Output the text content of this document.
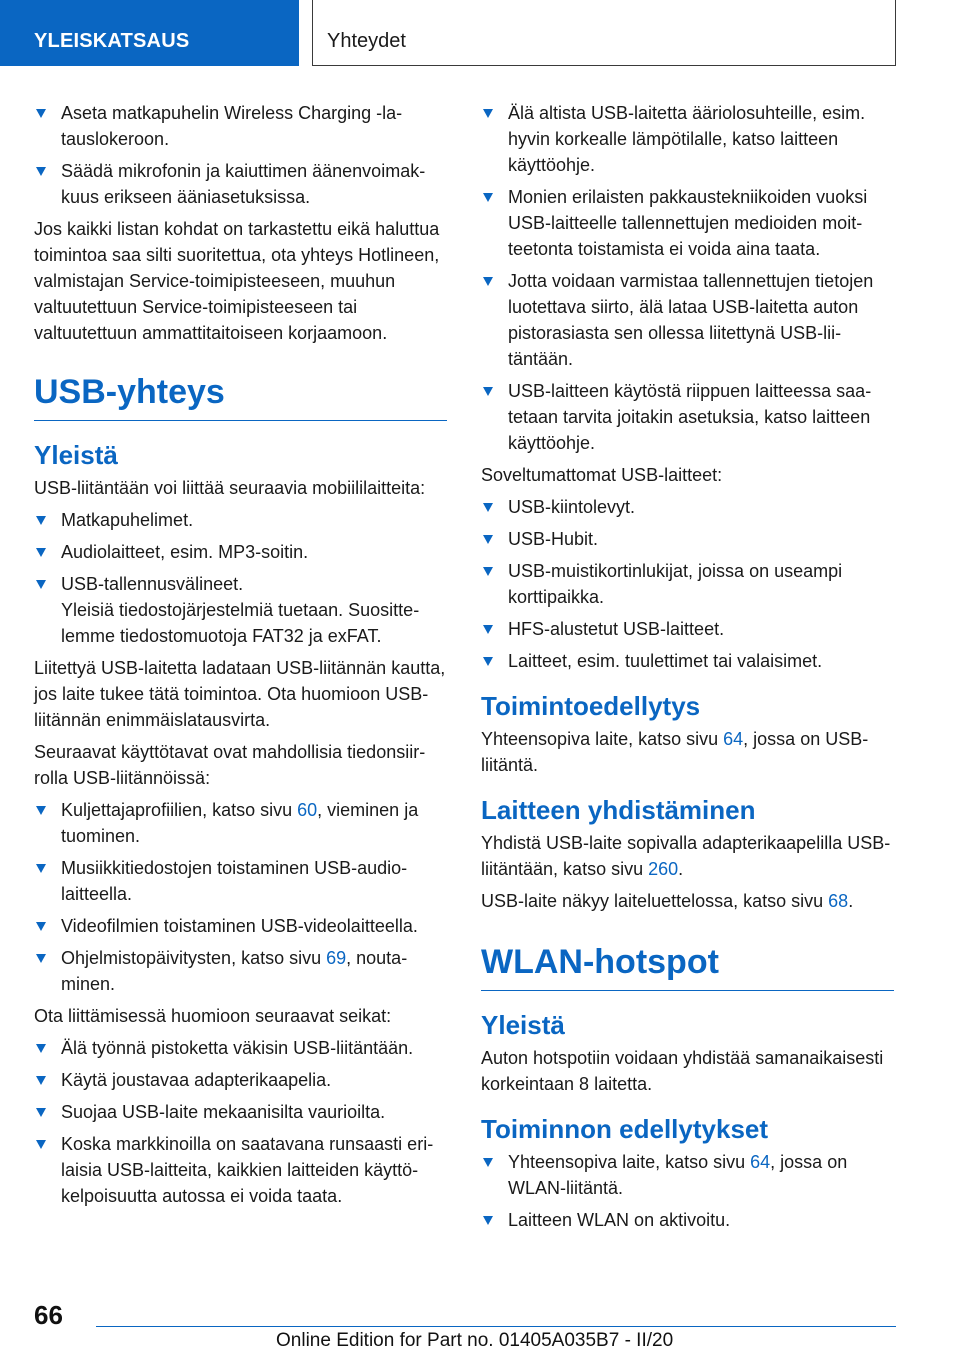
YLEISKATSAUS	Yhteydet
Aseta matkapuhelin Wireless Charging -latauslokeroon.
Säädä mikrofonin ja kaiuttimen äänenvoimakkuus erikseen ääniasetuksissa.

Jos kaikki listan kohdat on tarkastettu eikä haluttua toimintoa saa silti suoritettua, ota yhteys Hotlineen, valmistajan Service-toimipisteeseen, muuhun valtuutettuun Service-toimipisteeseen tai valtuutettuun ammattitaitoiseen korjaamoon.

USB-yhteys
Yleistä

USB-liitäntään voi liittää seuraavia mobiililaitteita:

Matkapuhelimet.
Audiolaitteet, esim. MP3-soitin.
USB-tallennusvälineet.

Yleisiä tiedostojärjestelmiä tuetaan. Suosittelemme tiedostomuotoja FAT32 ja exFAT.

Liitettyä USB-laitetta ladataan USB-liitännän kautta, jos laite tukee tätä toimintoa. Ota huomioon USB-liitännän enimmäislatausvirta.

Seuraavat käyttötavat ovat mahdollisia tiedonsiirrolla USB-liitännöissä:

Kuljettajaprofiilien, katso sivu 60, vieminen ja tuominen.
Musiikkitiedostojen toistaminen USB-audiolaitteella.
Videofilmien toistaminen USB-videolaitteella.
Ohjelmistopäivitysten, katso sivu 69, noutaminen.

Ota liittämisessä huomioon seuraavat seikat:

Älä työnnä pistoketta väkisin USB-liitäntään.
Käytä joustavaa adapterikaapelia.
Suojaa USB-laite mekaanisilta vaurioilta.
Koska markkinoilla on saatavana runsaasti erilaisia USB-laitteita, kaikkien laitteiden käyttökelpoisuutta autossa ei voida taata.
Älä altista USB-laitetta ääriolosuhteille, esim. hyvin korkealle lämpötilalle, katso laitteen käyttöohje.
Monien erilaisten pakkaustekniikoiden vuoksi USB-laitteelle tallennettujen medioiden moitteetonta toistamista ei voida aina taata.
Jotta voidaan varmistaa tallennettujen tietojen luotettava siirto, älä lataa USB-laitetta auton pistorasiasta sen ollessa liitettynä USB-liitäntään.
USB-laitteen käytöstä riippuen laitteessa saatetaan tarvita joitakin asetuksia, katso laitteen käyttöohje.

Soveltumattomat USB-laitteet:

USB-kiintolevyt.
USB-Hubit.
USB-muistikortinlukijat, joissa on useampi korttipaikka.
HFS-alustetut USB-laitteet.
Laitteet, esim. tuulettimet tai valaisimet.
Toimintoedellytys

Yhteensopiva laite, katso sivu 64, jossa on USB-liitäntä.

Laitteen yhdistäminen

Yhdistä USB-laite sopivalla adapterikaapelilla USB-liitäntään, katso sivu 260.

USB-laite näkyy laiteluettelossa, katso sivu 68.

WLAN-hotspot
Yleistä

Auton hotspotiin voidaan yhdistää samanaikaisesti korkeintaan 8 laitetta.

Toiminnon edellytykset
Yhteensopiva laite, katso sivu 64, jossa on WLAN-liitäntä.
Laitteen WLAN on aktivoitu.
66
Online Edition for Part no. 01405A035B7 - II/20
